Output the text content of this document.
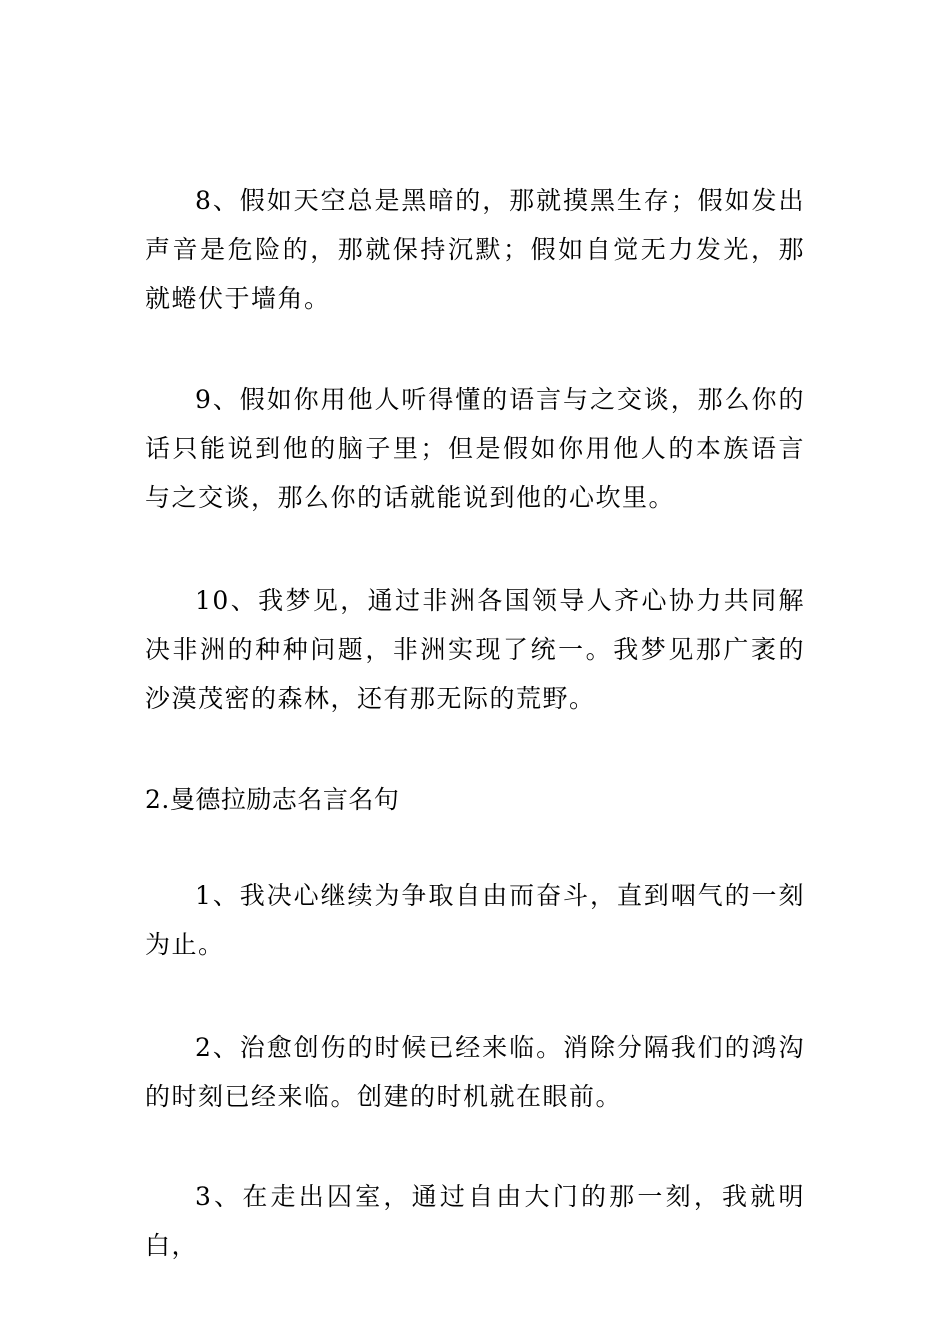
8、假如天空总是黑暗的，那就摸黑生存；假如发出声音是危险的，那就保持沉默；假如自觉无力发光，那就蜷伏于墙角。

9、假如你用他人听得懂的语言与之交谈，那么你的话只能说到他的脑子里；但是假如你用他人的本族语言与之交谈，那么你的话就能说到他的心坎里。

10、我梦见，通过非洲各国领导人齐心协力共同解决非洲的种种问题，非洲实现了统一。我梦见那广袤的沙漠茂密的森林，还有那无际的荒野。

2.曼德拉励志名言名句

1、我决心继续为争取自由而奋斗，直到咽气的一刻为止。

2、治愈创伤的时候已经来临。消除分隔我们的鸿沟的时刻已经来临。创建的时机就在眼前。

3、在走出囚室，通过自由大门的那一刻，我就明白，
